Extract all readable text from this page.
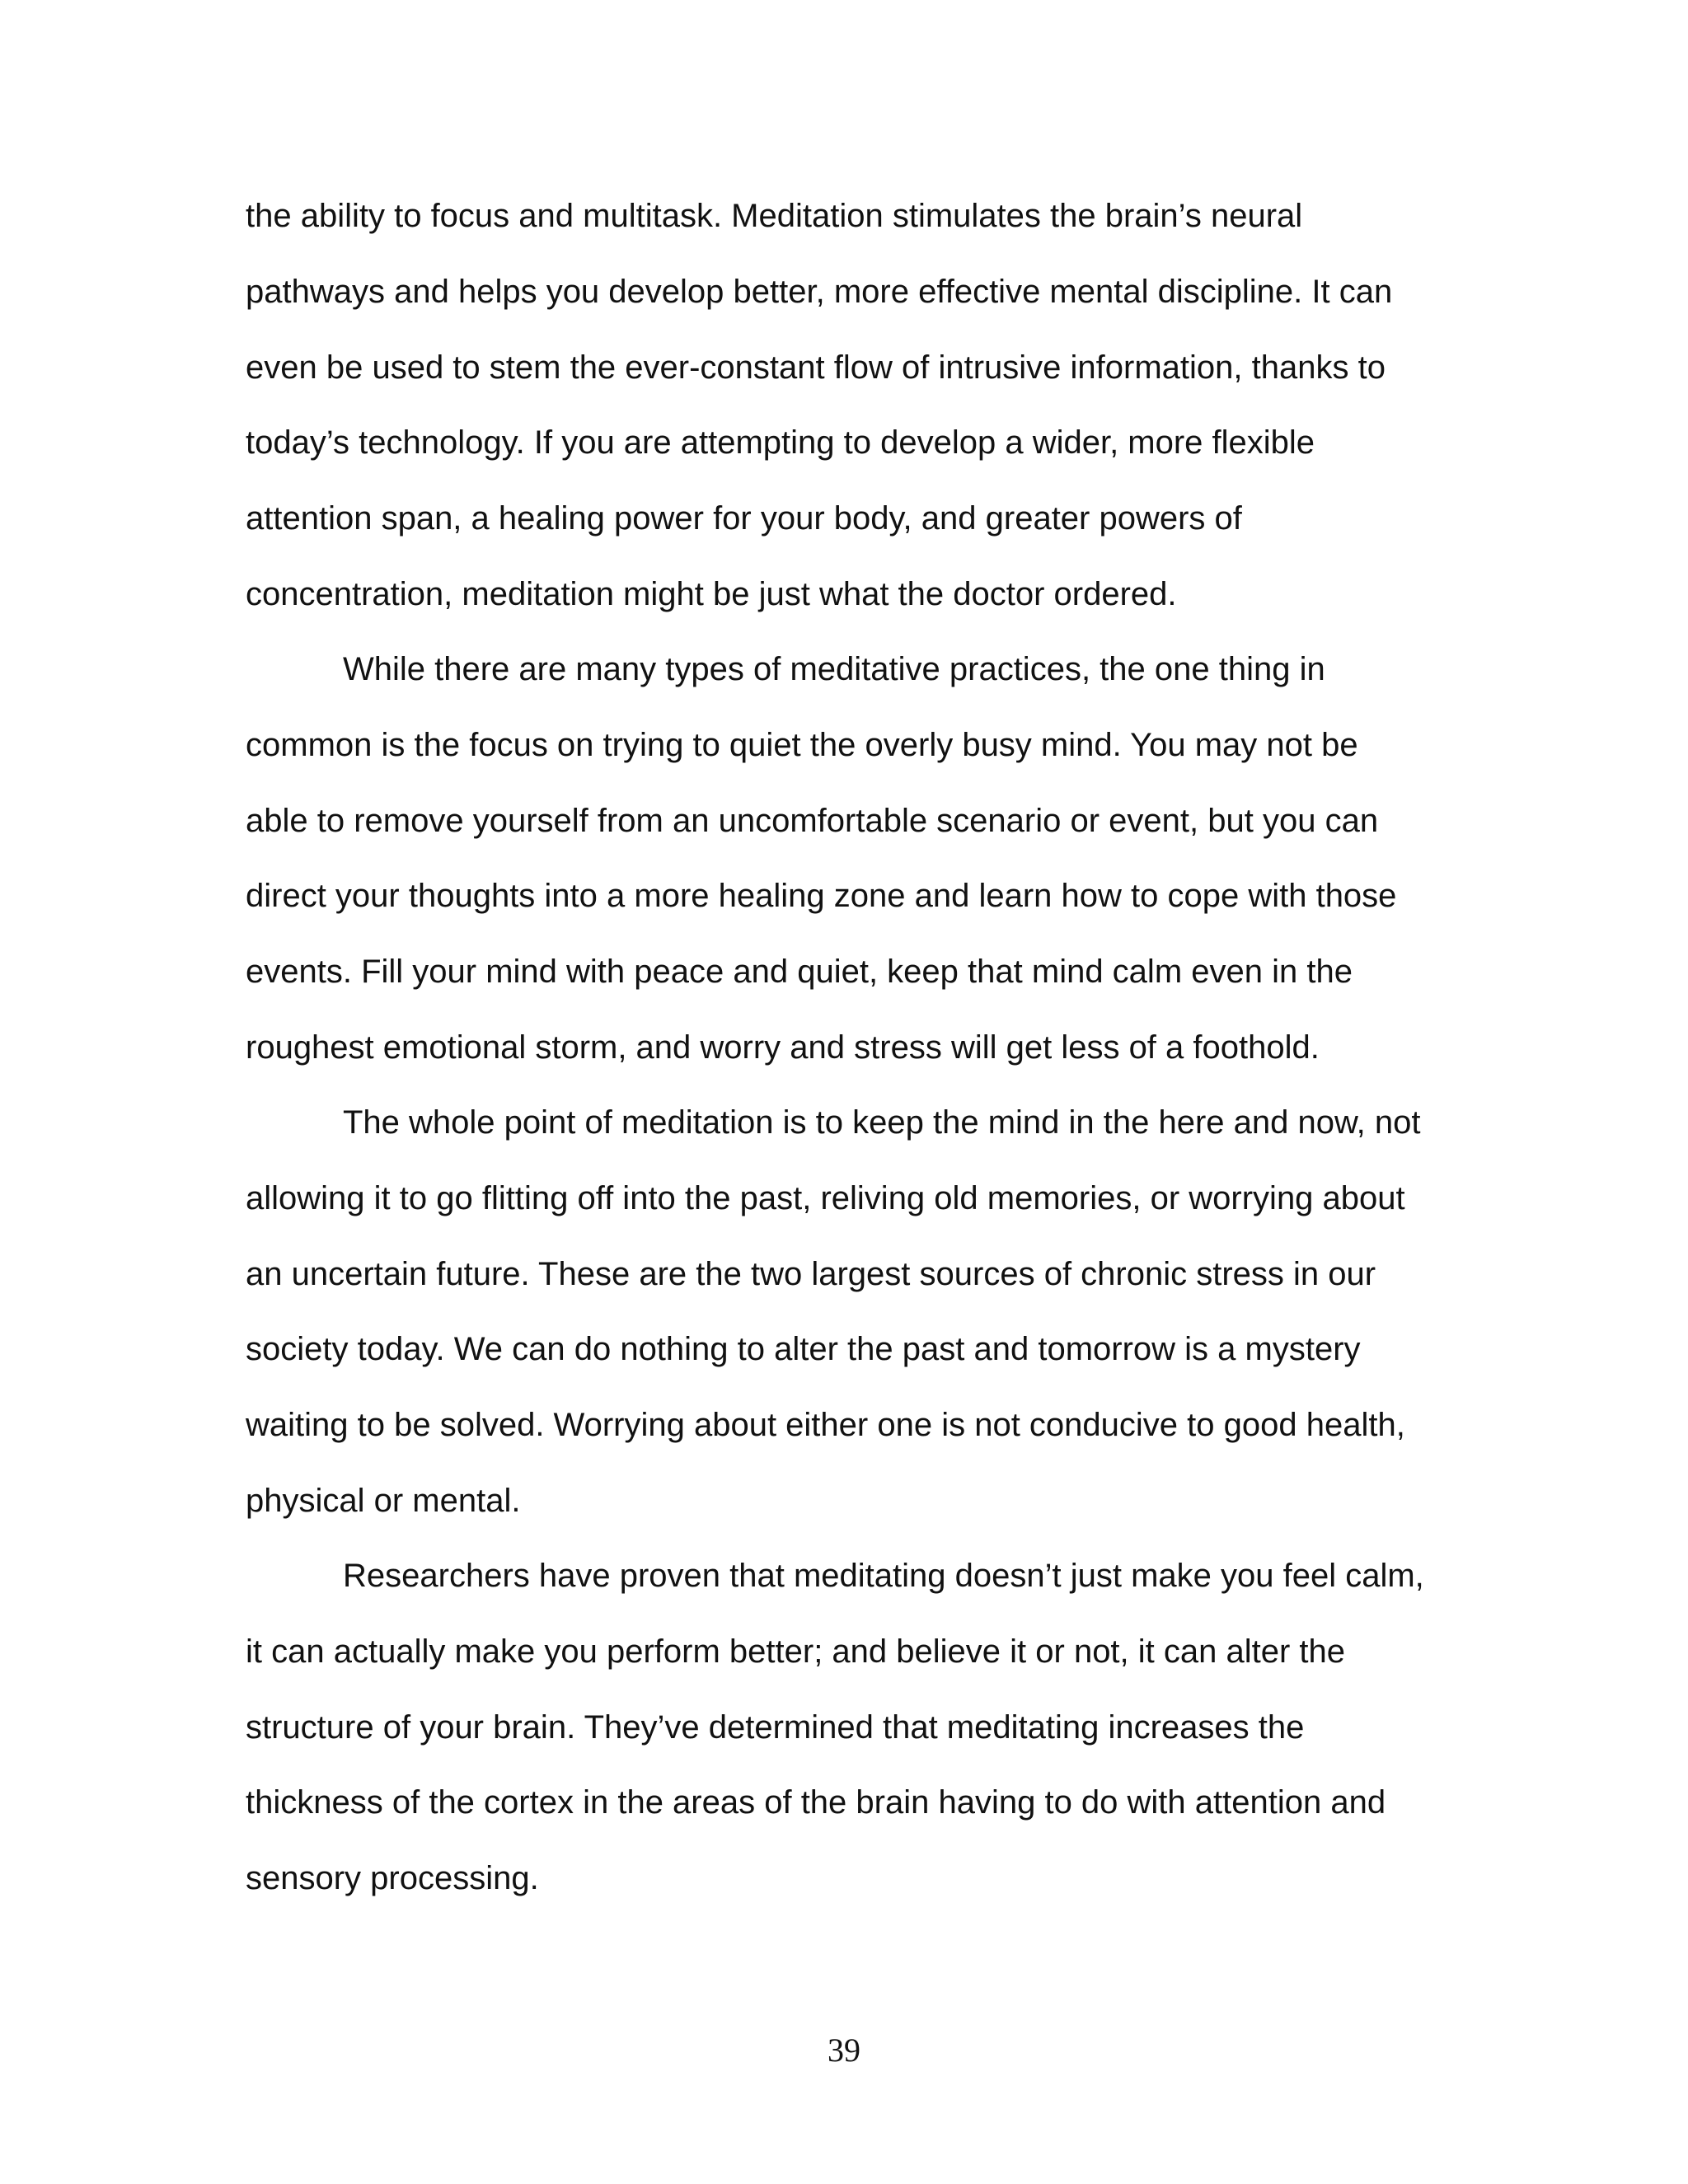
the ability to focus and multitask. Meditation stimulates the brain’s neural
pathways and helps you develop better, more effective mental discipline. It can
even be used to stem the ever-constant flow of intrusive information, thanks to
today’s technology. If you are attempting to develop a wider, more flexible
attention span, a healing power for your body, and greater powers of
concentration, meditation might be just what the doctor ordered.
While there are many types of meditative practices, the one thing in
common is the focus on trying to quiet the overly busy mind. You may not be
able to remove yourself from an uncomfortable scenario or event, but you can
direct your thoughts into a more healing zone and learn how to cope with those
events. Fill your mind with peace and quiet, keep that mind calm even in the
roughest emotional storm, and worry and stress will get less of a foothold.
The whole point of meditation is to keep the mind in the here and now, not
allowing it to go flitting off into the past, reliving old memories, or worrying about
an uncertain future. These are the two largest sources of chronic stress in our
society today. We can do nothing to alter the past and tomorrow is a mystery
waiting to be solved. Worrying about either one is not conducive to good health,
physical or mental.
Researchers have proven that meditating doesn’t just make you feel calm,
it can actually make you perform better; and believe it or not, it can alter the
structure of your brain. They’ve determined that meditating increases the
thickness of the cortex in the areas of the brain having to do with attention and
sensory processing.
39
